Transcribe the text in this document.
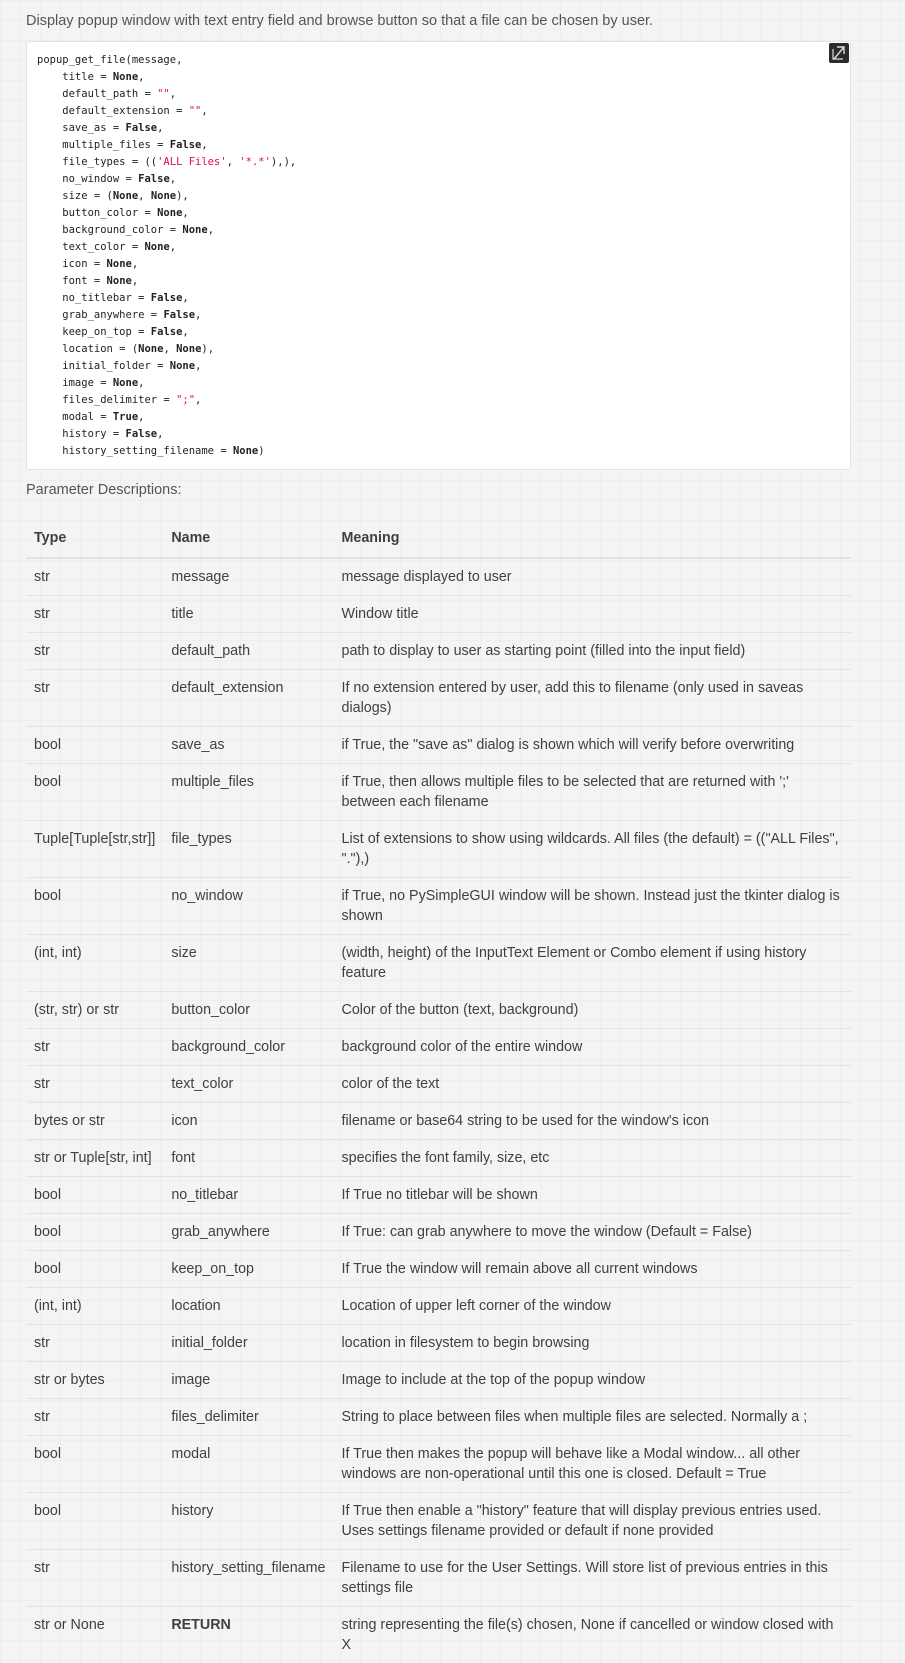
Display popup window with text entry field and browse button so that a file can be chosen by user.

popup_get_file(message,
title = None,
default_path = "",
default_extension = "",
save_as = False,
multiple_files = False,
file_types = (('ALL Files', '*.*'),),
no_window = False,
size = (None, None),
button_color = None,
background_color = None,
text_color = None,
icon = None,
font = None,
no_titlebar = False,
grab_anywhere = False,
keep_on_top = False,
location = (None, None),
initial_folder = None,
image = None,
files_delimiter = ";",
modal = True,
history = False,
history_setting_filename = None)

Parameter Descriptions:

Type	Name	Meaning
str	message	message displayed to user
str	title	Window title
str	default_path	path to display to user as starting point (filled into the input field)
str	default_extension	If no extension entered by user, add this to filename (only used in saveas dialogs)
bool	save_as	if True, the "save as" dialog is shown which will verify before overwriting
bool	multiple_files	if True, then allows multiple files to be selected that are returned with ';' between each filename
Tuple[Tuple[str,str]]	file_types	List of extensions to show using wildcards. All files (the default) = (("ALL Files", "."),)
bool	no_window	if True, no PySimpleGUI window will be shown. Instead just the tkinter dialog is shown
(int, int)	size	(width, height) of the InputText Element or Combo element if using history feature
(str, str) or str	button_color	Color of the button (text, background)
str	background_color	background color of the entire window
str	text_color	color of the text
bytes or str	icon	filename or base64 string to be used for the window's icon
str or Tuple[str, int]	font	specifies the font family, size, etc
bool	no_titlebar	If True no titlebar will be shown
bool	grab_anywhere	If True: can grab anywhere to move the window (Default = False)
bool	keep_on_top	If True the window will remain above all current windows
(int, int)	location	Location of upper left corner of the window
str	initial_folder	location in filesystem to begin browsing
str or bytes	image	Image to include at the top of the popup window
str	files_delimiter	String to place between files when multiple files are selected. Normally a ;
bool	modal	If True then makes the popup will behave like a Modal window... all other windows are non-operational until this one is closed. Default = True
bool	history	If True then enable a "history" feature that will display previous entries used. Uses settings filename provided or default if none provided
str	history_setting_filename	Filename to use for the User Settings. Will store list of previous entries in this settings file
str or None	RETURN	string representing the file(s) chosen, None if cancelled or window closed with X
